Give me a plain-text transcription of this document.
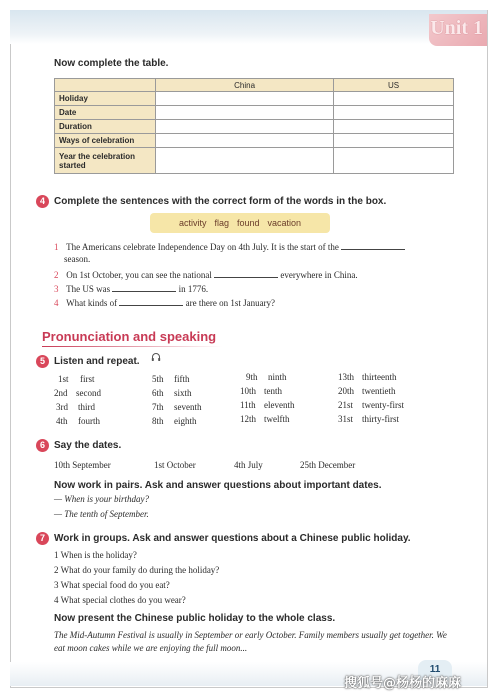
Unit 1
Now complete the table.
	China	US
Holiday		
Date		
Duration		
Ways of celebration		
Year the celebration started		
4 Complete the sentences with the correct form of the words in the box.
activity flag found vacation
1 The Americans celebrate Independence Day on 4th July. It is the start of the
season.
2 On 1st October, you can see the national	everywhere in China.
3 The US was	in 1776.
4 What kinds of	are there on 1st January?
Pronunciation and speaking
5 Listen and repeat.
1st first
2nd second
3rd third
4th fourth
5th fifth
6th sixth
7th seventh
8th eighth
9th ninth
10th tenth
11th eleventh
12th twelfth
13th thirteenth
20th twentieth
21st twenty-first
31st thirty-first
6 Say the dates.
10th September	1st October	4th July	25th December
Now work in pairs. Ask and answer questions about important dates.
— When is your birthday?
— The tenth of September.
7 Work in groups. Ask and answer questions about a Chinese public holiday.
1 When is the holiday?
2 What do your family do during the holiday?
3 What special food do you eat?
4 What special clothes do you wear?
Now present the Chinese public holiday to the whole class.
The Mid-Autumn Festival is usually in September or early October. Family members usually get together. We eat moon cakes while we are enjoying the full moon...
11
搜狐号@杨杨的麻麻
